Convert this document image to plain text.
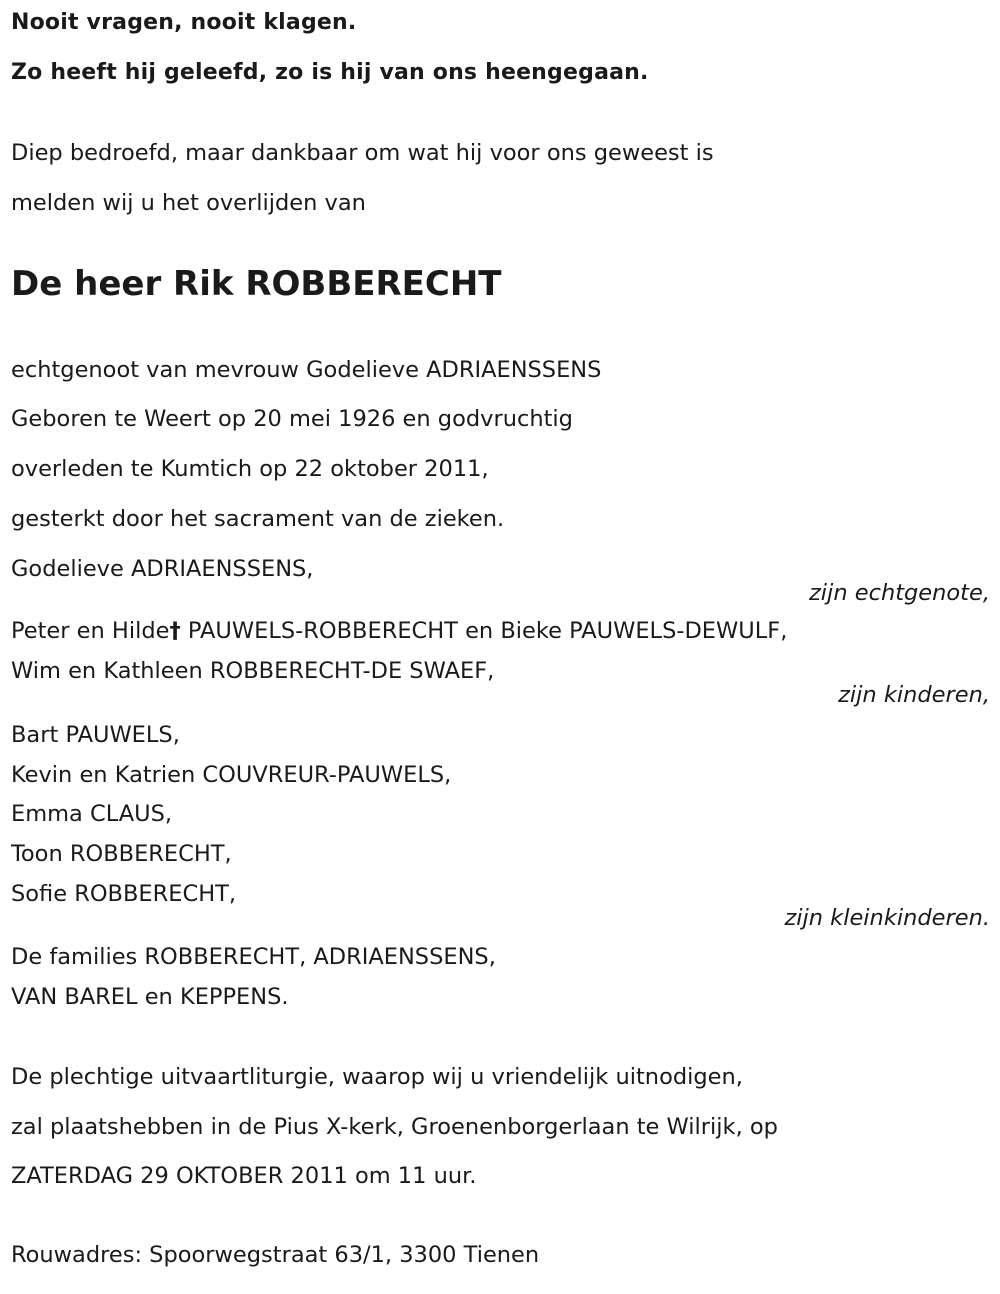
Nooit vragen, nooit klagen.

Zo heeft hij geleefd, zo is hij van ons heengegaan.

Diep bedroefd, maar dankbaar om wat hij voor ons geweest is

melden wij u het overlijden van

De heer Rik ROBBERECHT

echtgenoot van mevrouw Godelieve ADRIAENSSENS

Geboren te Weert op 20 mei 1926 en godvruchtig

overleden te Kumtich op 22 oktober 2011,

gesterkt door het sacrament van de zieken.

Godelieve ADRIAENSSENS,

zijn echtgenote,

Peter en Hilde† PAUWELS-ROBBERECHT en Bieke PAUWELS-DEWULF,

Wim en Kathleen ROBBERECHT-DE SWAEF,

zijn kinderen,

Bart PAUWELS,

Kevin en Katrien COUVREUR-PAUWELS,

Emma CLAUS,

Toon ROBBERECHT,

Sofie ROBBERECHT,

zijn kleinkinderen.

De families ROBBERECHT, ADRIAENSSENS,

VAN BAREL en KEPPENS.

De plechtige uitvaartliturgie, waarop wij u vriendelijk uitnodigen,

zal plaatshebben in de Pius X-kerk, Groenenborgerlaan te Wilrijk, op

ZATERDAG 29 OKTOBER 2011 om 11 uur.

Rouwadres: Spoorwegstraat 63/1, 3300 Tienen
